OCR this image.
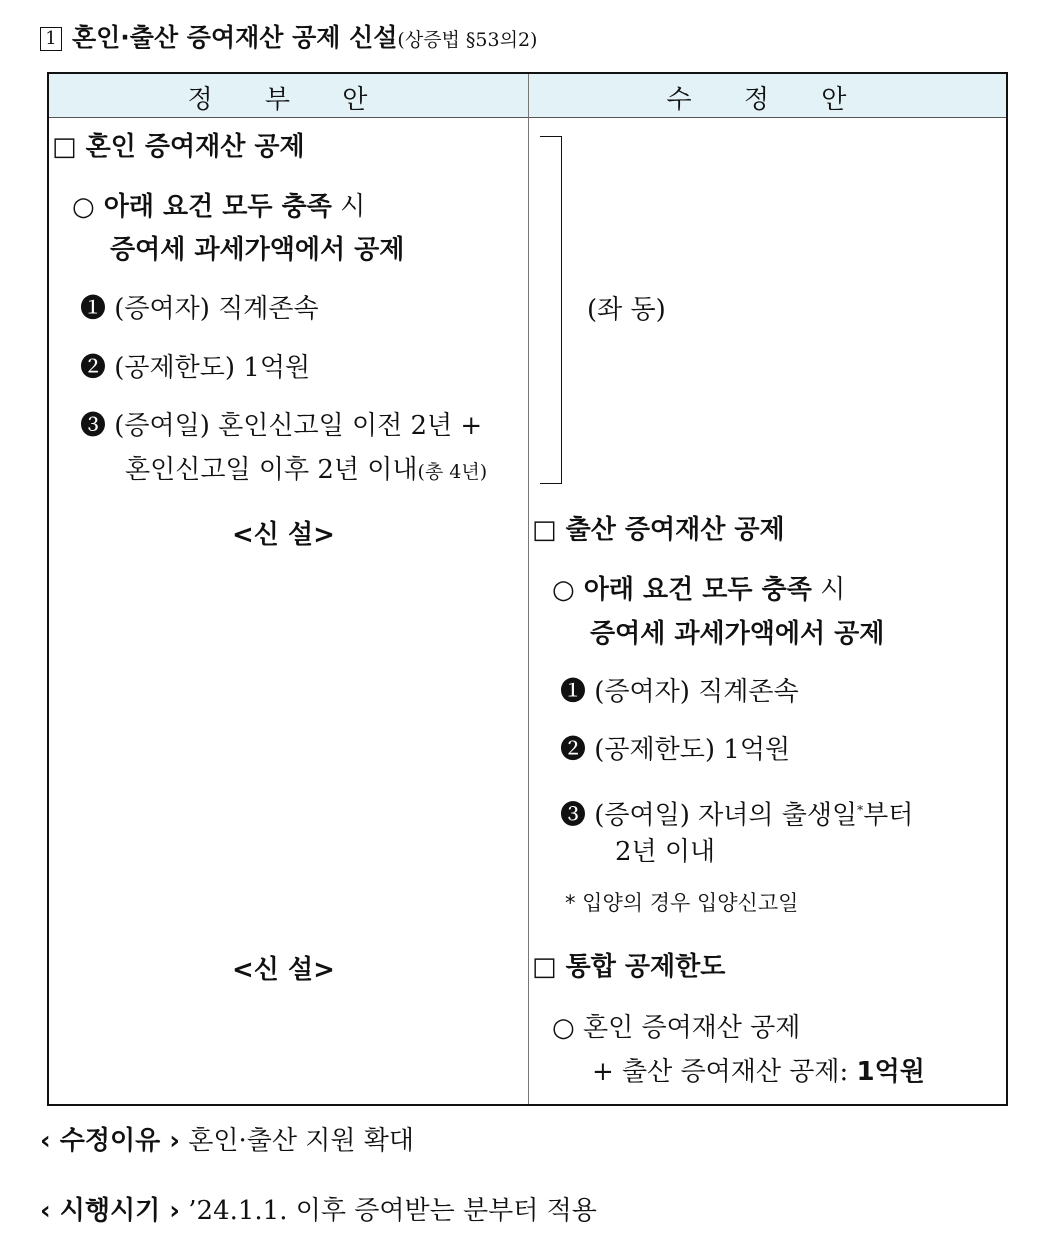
1 혼인·출산 증여재산 공제 신설(상증법 §53의2)
정 부 안	수 정 안
□ 혼인 증여재산 공제
○ 아래 요건 모두 충족 시
증여세 과세가액에서 공제
❶ (증여자) 직계존속
❷ (공제한도) 1억원
❸ (증여일) 혼인신고일 이전 2년 +
혼인신고일 이후 2년 이내(총 4년)
<신 설>
<신 설>
(좌 동)
□ 출산 증여재산 공제
○ 아래 요건 모두 충족 시
증여세 과세가액에서 공제
❶ (증여자) 직계존속
❷ (공제한도) 1억원
❸ (증여일) 자녀의 출생일*부터
2년 이내
* 입양의 경우 입양신고일
□ 통합 공제한도
○ 혼인 증여재산 공제
+ 출산 증여재산 공제: 1억원
‹ 수정이유 › 혼인·출산 지원 확대
‹ 시행시기 › ’24.1.1. 이후 증여받는 분부터 적용
